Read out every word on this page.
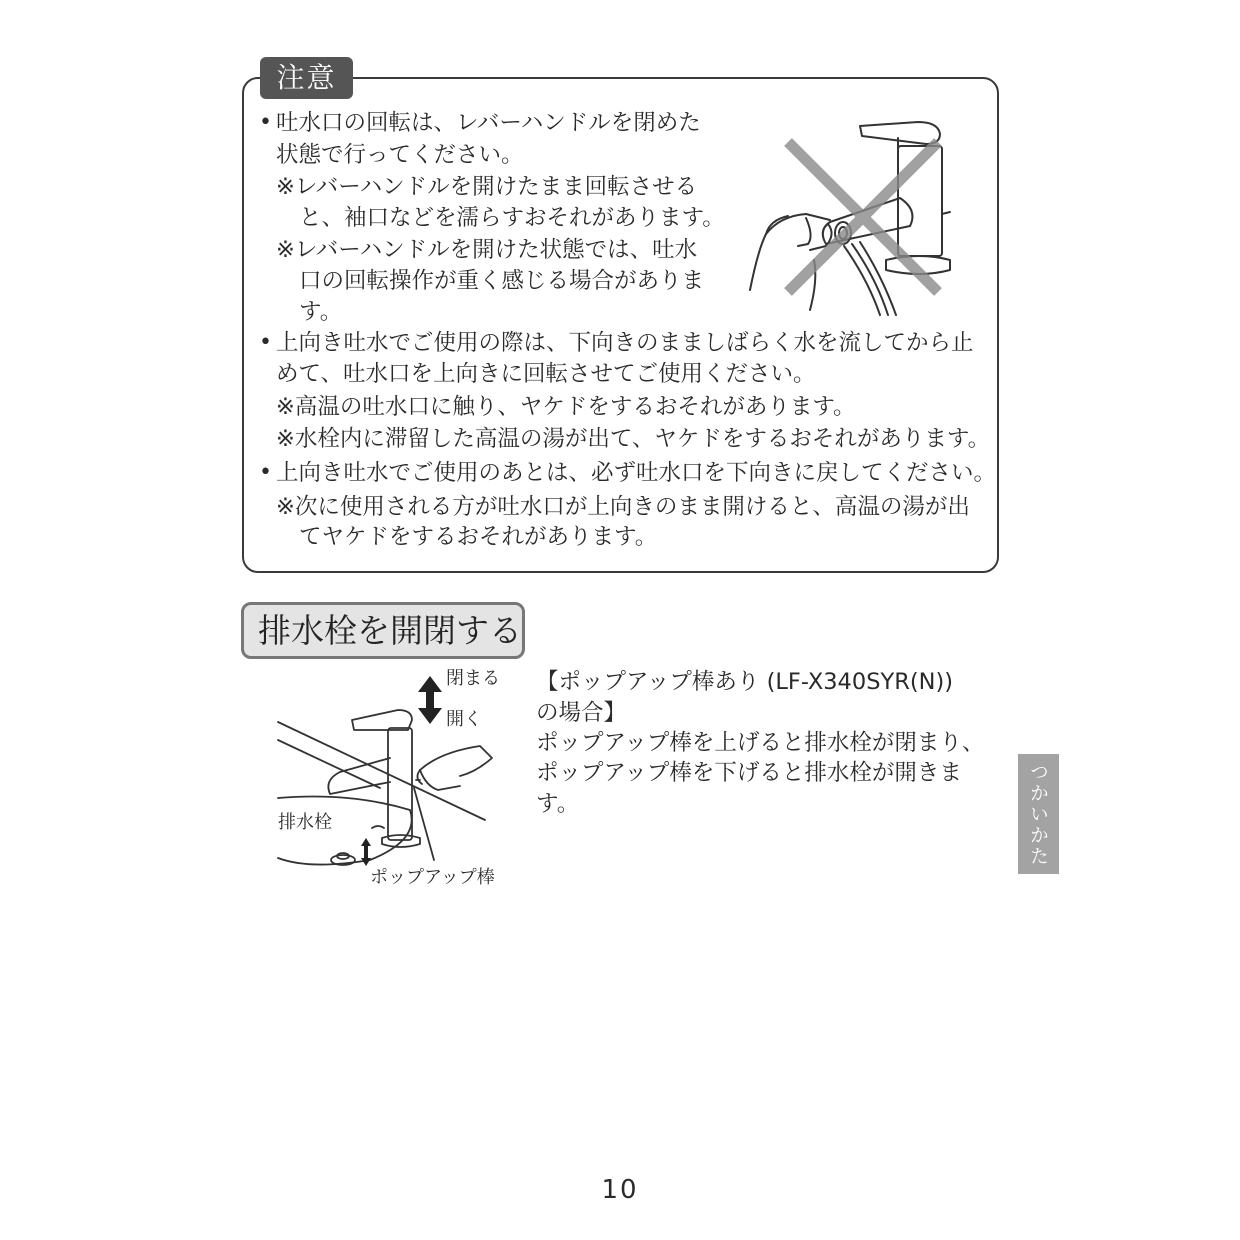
注意
• 吐水口の回転は、レバーハンドルを閉めた
状態で行ってください。
※レバーハンドルを開けたまま回転させる
と、袖口などを濡らすおそれがあります。
※レバーハンドルを開けた状態では、吐水
口の回転操作が重く感じる場合がありま
す。
• 上向き吐水でご使用の際は、下向きのまましばらく水を流してから止
めて、吐水口を上向きに回転させてご使用ください。
※高温の吐水口に触り、ヤケドをするおそれがあります。
※水栓内に滞留した高温の湯が出て、ヤケドをするおそれがあります。
• 上向き吐水でご使用のあとは、必ず吐水口を下向きに戻してください。
※次に使用される方が吐水口が上向きのまま開けると、高温の湯が出
てヤケドをするおそれがあります。
排水栓を開閉する
閉まる
開く
排水栓
ポップアップ棒
【ポップアップ棒あり (LF-X340SYR(N))
の場合】
ポップアップ棒を上げると排水栓が閉まり、
ポップアップ棒を下げると排水栓が開きま
す。	つかいかた
10
